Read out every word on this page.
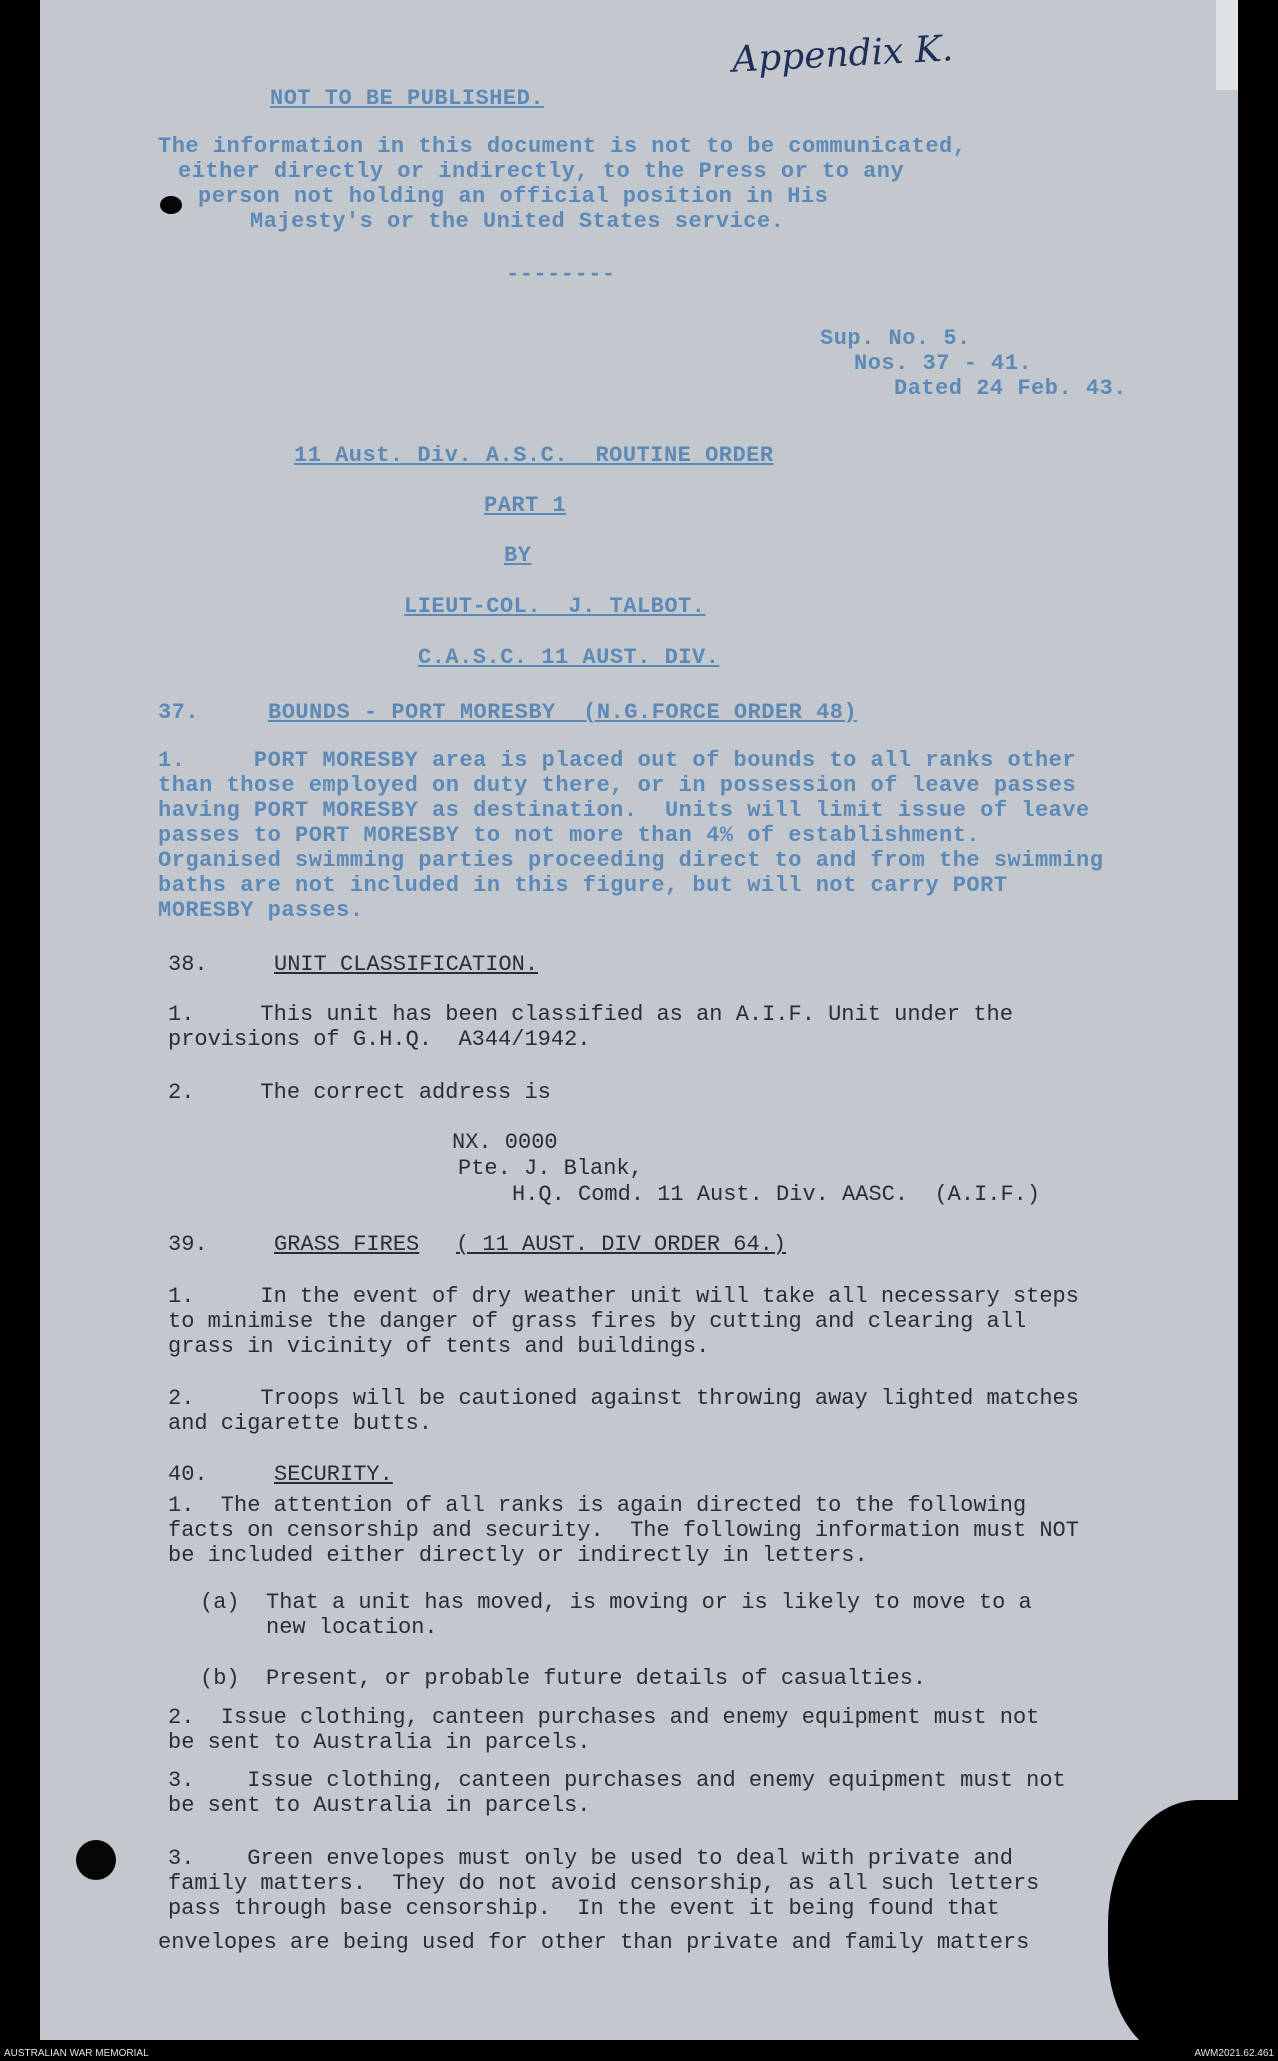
Appendix K.
NOT TO BE PUBLISHED.
The information in this document is not to be communicated,
either directly or indirectly, to the Press or to any
person not holding an official position in His
Majesty's or the United States service.
--------
Sup. No. 5.
Nos. 37 - 41.
Dated 24 Feb. 43.
11 Aust. Div. A.S.C.  ROUTINE ORDER
PART 1
BY
LIEUT-COL.  J. TALBOT.
C.A.S.C. 11 AUST. DIV.
37.	BOUNDS - PORT MORESBY  (N.G.FORCE ORDER 48)
1.     PORT MORESBY area is placed out of bounds to all ranks other
than those employed on duty there, or in possession of leave passes
having PORT MORESBY as destination.  Units will limit issue of leave
passes to PORT MORESBY to not more than 4% of establishment.
Organised swimming parties proceeding direct to and from the swimming
baths are not included in this figure, but will not carry PORT
MORESBY passes.
38.	UNIT CLASSIFICATION.
1.     This unit has been classified as an A.I.F. Unit under the
provisions of G.H.Q.  A344/1942.
2.     The correct address is
NX. 0000
Pte. J. Blank,
H.Q. Comd. 11 Aust. Div. AASC.  (A.I.F.)
39.	GRASS FIRES ( 11 AUST. DIV ORDER 64.)
1.     In the event of dry weather unit will take all necessary steps
to minimise the danger of grass fires by cutting and clearing all
grass in vicinity of tents and buildings.
2.     Troops will be cautioned against throwing away lighted matches
and cigarette butts.
40.	SECURITY.
1.  The attention of all ranks is again directed to the following
facts on censorship and security.  The following information must NOT
be included either directly or indirectly in letters.
(a)  That a unit has moved, is moving or is likely to move to a
new location.
(b)  Present, or probable future details of casualties.
2.  Issue clothing, canteen purchases and enemy equipment must not
be sent to Australia in parcels.
3.    Issue clothing, canteen purchases and enemy equipment must not
be sent to Australia in parcels.
3.    Green envelopes must only be used to deal with private and
family matters.  They do not avoid censorship, as all such letters
pass through base censorship.  In the event it being found that
envelopes are being used for other than private and family matters
AUSTRALIAN WAR MEMORIAL	AWM2021.62.461
